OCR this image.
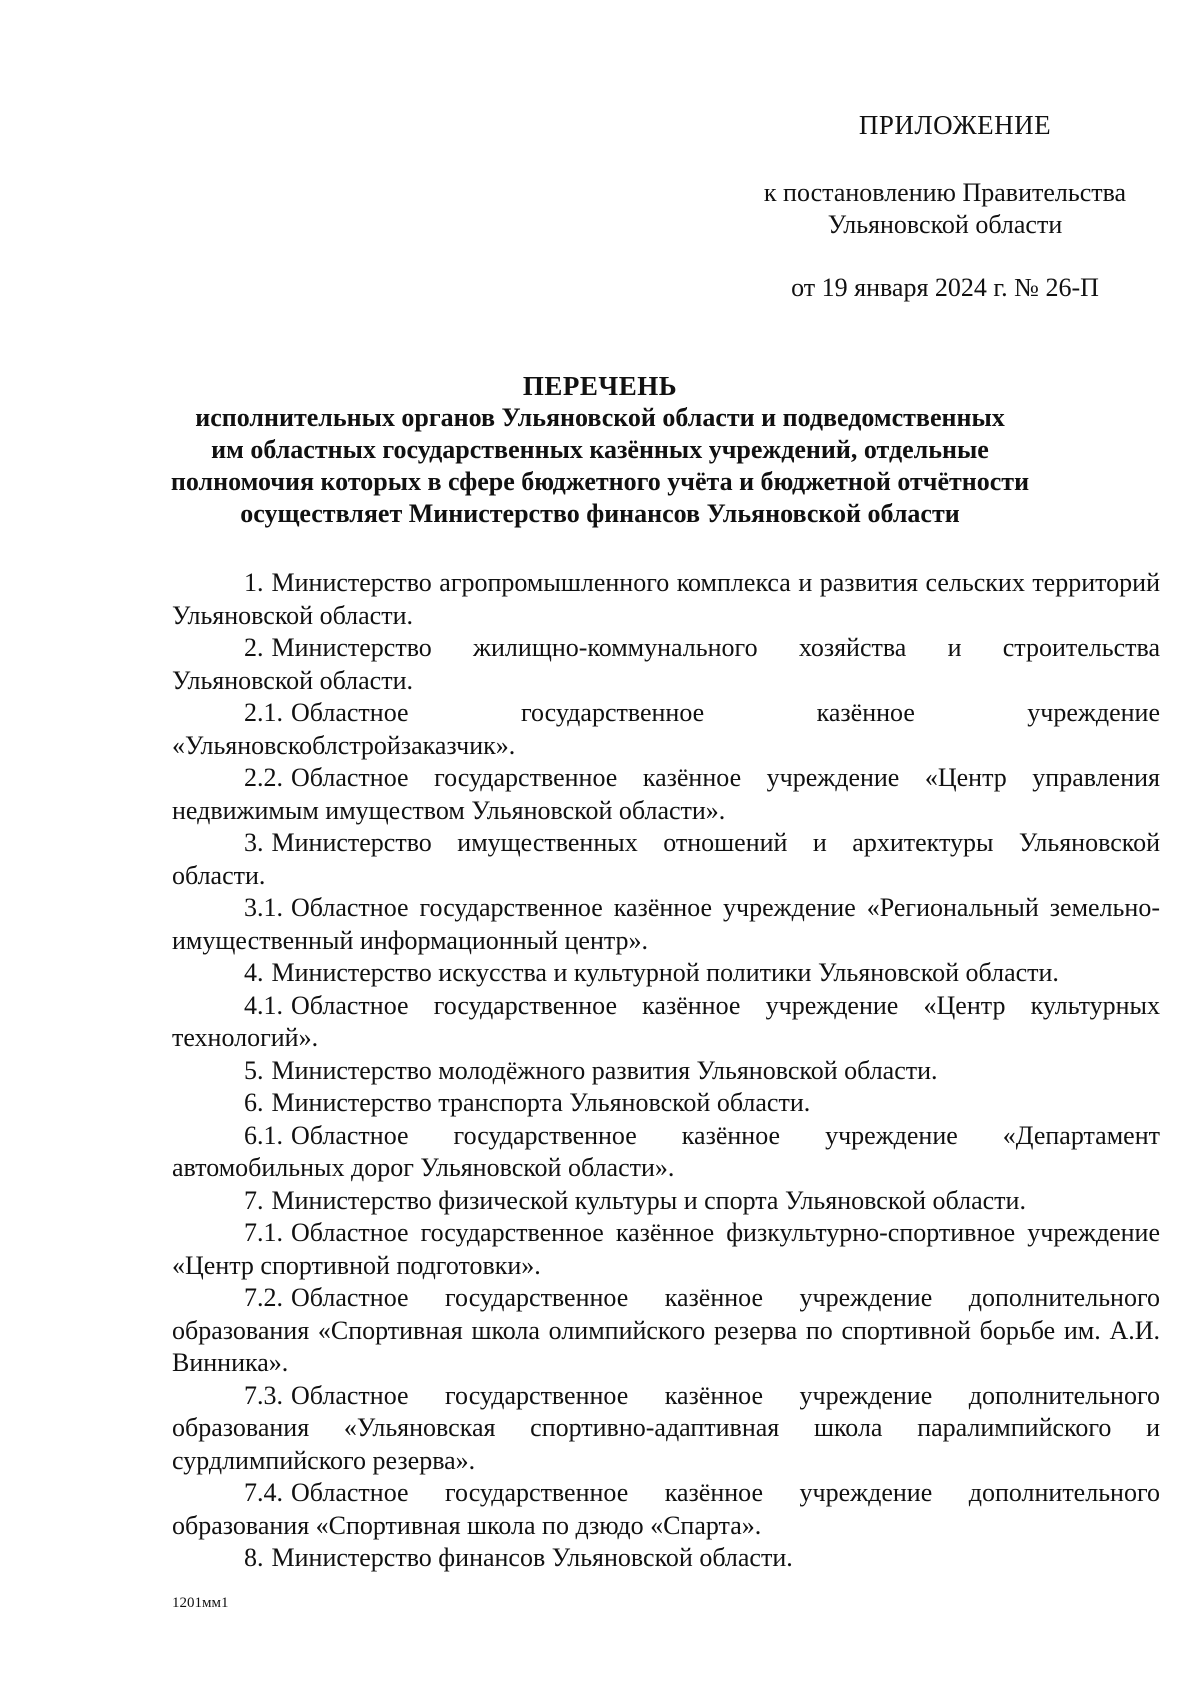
ПРИЛОЖЕНИЕ
к постановлению Правительства
Ульяновской области
от 19 января 2024 г. № 26-П
ПЕРЕЧЕНЬ
исполнительных органов Ульяновской области и подведомственных
им областных государственных казённых учреждений, отдельные
полномочия которых в сфере бюджетного учёта и бюджетной отчётности
осуществляет Министерство финансов Ульяновской области

1. Министерство агропромышленного комплекса и развития сельских территорий Ульяновской области.

2. Министерство жилищно-коммунального хозяйства и строительства Ульяновской области.

2.1. Областное государственное казённое учреждение «Ульяновскоблстройзаказчик».

2.2. Областное государственное казённое учреждение «Центр управления недвижимым имуществом Ульяновской области».

3. Министерство имущественных отношений и архитектуры Ульяновской области.

3.1. Областное государственное казённое учреждение «Региональный земельно-имущественный информационный центр».

4. Министерство искусства и культурной политики Ульяновской области.

4.1. Областное государственное казённое учреждение «Центр культурных технологий».

5. Министерство молодёжного развития Ульяновской области.

6. Министерство транспорта Ульяновской области.

6.1. Областное государственное казённое учреждение «Департамент автомобильных дорог Ульяновской области».

7. Министерство физической культуры и спорта Ульяновской области.

7.1. Областное государственное казённое физкультурно-спортивное учреждение «Центр спортивной подготовки».

7.2. Областное государственное казённое учреждение дополнительного образования «Спортивная школа олимпийского резерва по спортивной борьбе им. А.И. Винника».

7.3. Областное государственное казённое учреждение дополнительного образования «Ульяновская спортивно-адаптивная школа паралимпийского и сурдлимпийского резерва».

7.4. Областное государственное казённое учреждение дополнительного образования «Спортивная школа по дзюдо «Спарта».

8. Министерство финансов Ульяновской области.

1201мм1
